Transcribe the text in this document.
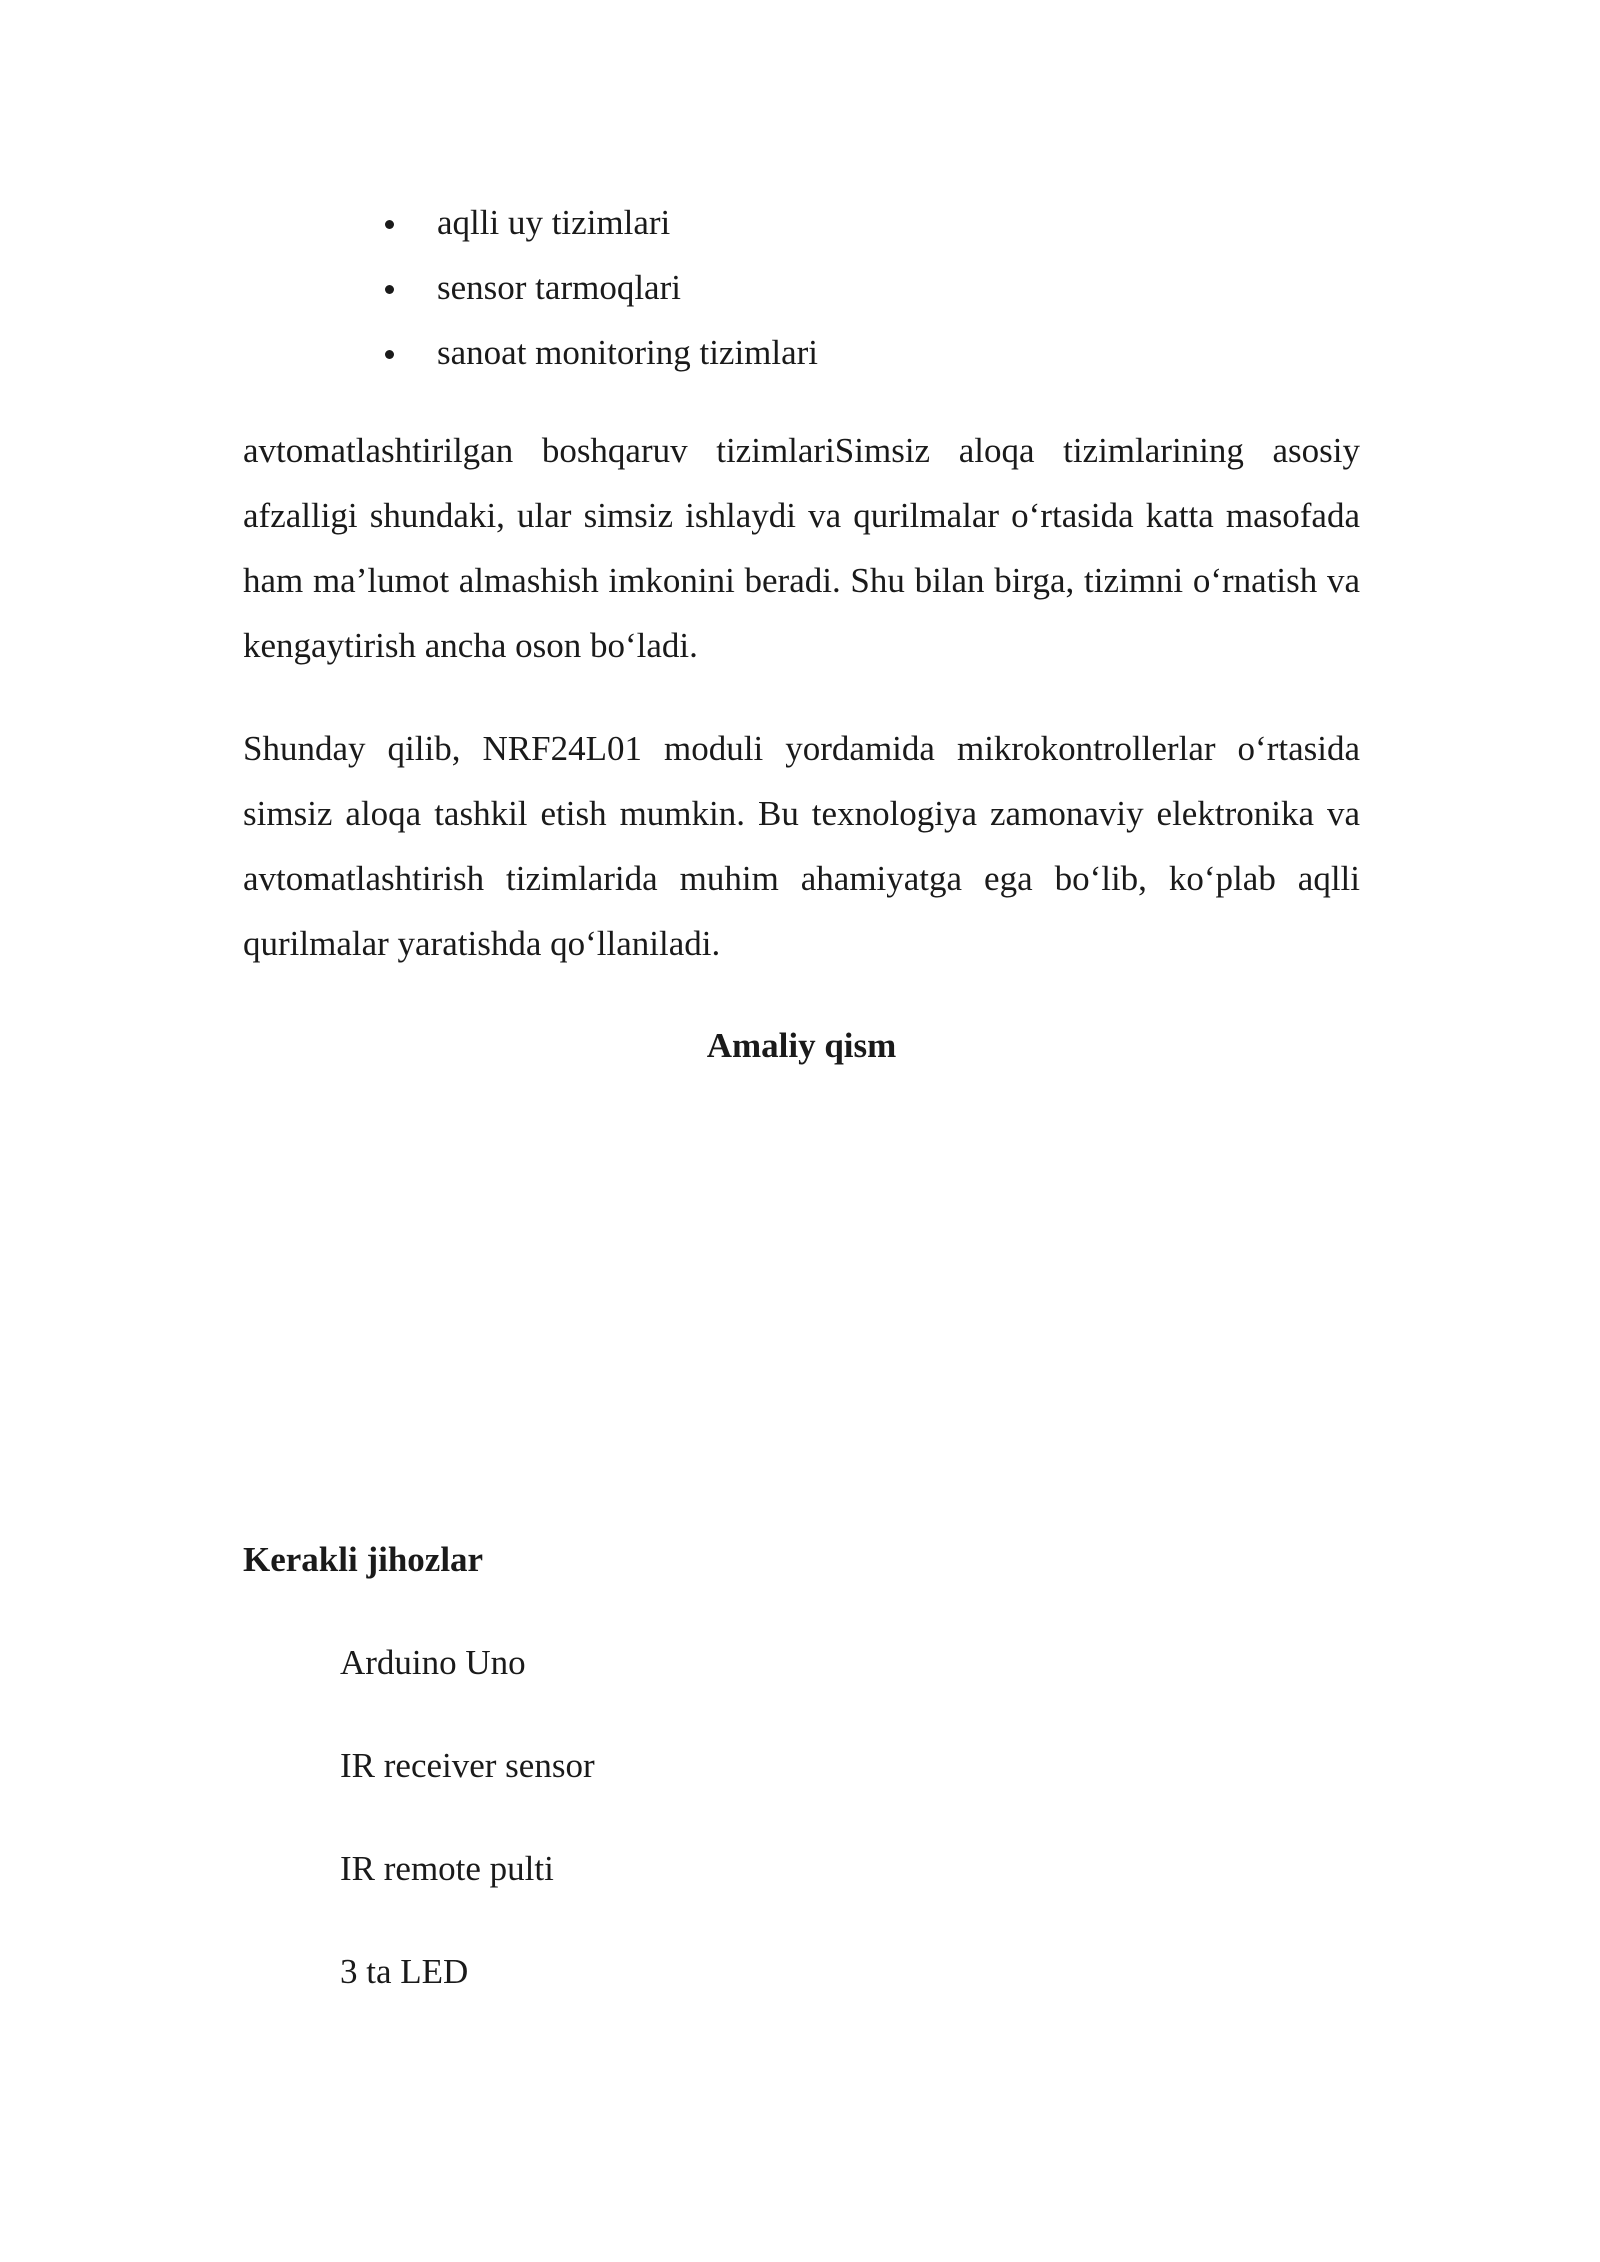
aqlli uy tizimlari
sensor tarmoqlari
sanoat monitoring tizimlari

avtomatlashtirilgan boshqaruv tizimlariSimsiz aloqa tizimlarining asosiy afzalligi shundaki, ular simsiz ishlaydi va qurilmalar o‘rtasida katta masofada ham ma’lumot almashish imkonini beradi. Shu bilan birga, tizimni o‘rnatish va kengaytirish ancha oson bo‘ladi.

Shunday qilib, NRF24L01 moduli yordamida mikrokontrollerlar o‘rtasida simsiz aloqa tashkil etish mumkin. Bu texnologiya zamonaviy elektronika va avtomatlashtirish tizimlarida muhim ahamiyatga ega bo‘lib, ko‘plab aqlli qurilmalar yaratishda qo‘llaniladi.

Amaliy qism
Kerakli jihozlar
Arduino Uno
IR receiver sensor
IR remote pulti
3 ta LED
